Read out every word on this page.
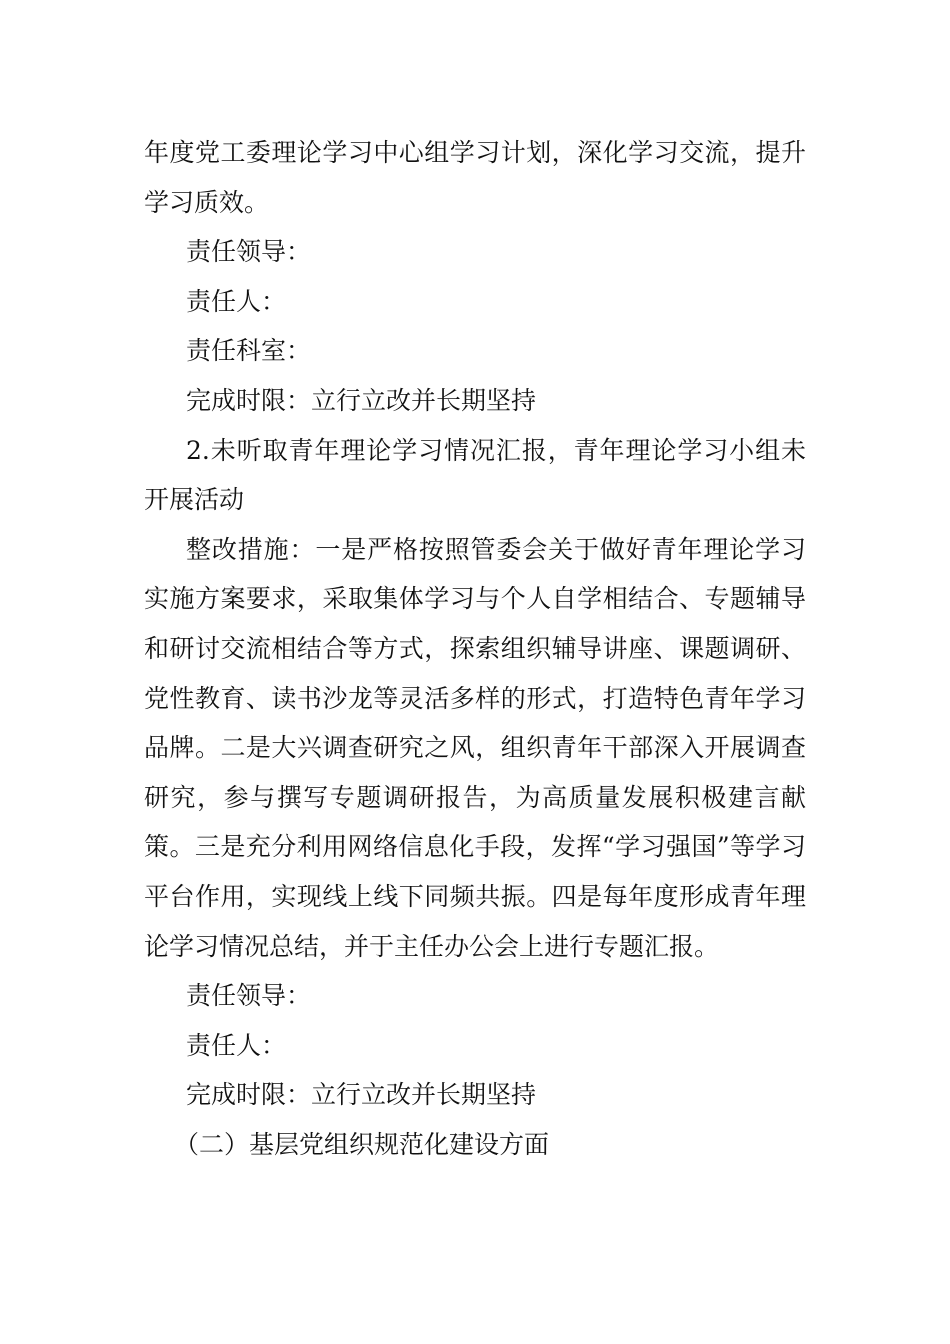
年度党工委理论学习中心组学习计划，深化学习交流，提升学习质效。

责任领导：

责任人：

责任科室：

完成时限：立行立改并长期坚持

2.未听取青年理论学习情况汇报，青年理论学习小组未开展活动

整改措施：一是严格按照管委会关于做好青年理论学习实施方案要求，采取集体学习与个人自学相结合、专题辅导和研讨交流相结合等方式，探索组织辅导讲座、课题调研、党性教育、读书沙龙等灵活多样的形式，打造特色青年学习品牌。二是大兴调查研究之风，组织青年干部深入开展调查研究，参与撰写专题调研报告，为高质量发展积极建言献策。三是充分利用网络信息化手段，发挥“学习强国”等学习平台作用，实现线上线下同频共振。四是每年度形成青年理论学习情况总结，并于主任办公会上进行专题汇报。

责任领导：

责任人：

完成时限：立行立改并长期坚持

（二）基层党组织规范化建设方面
